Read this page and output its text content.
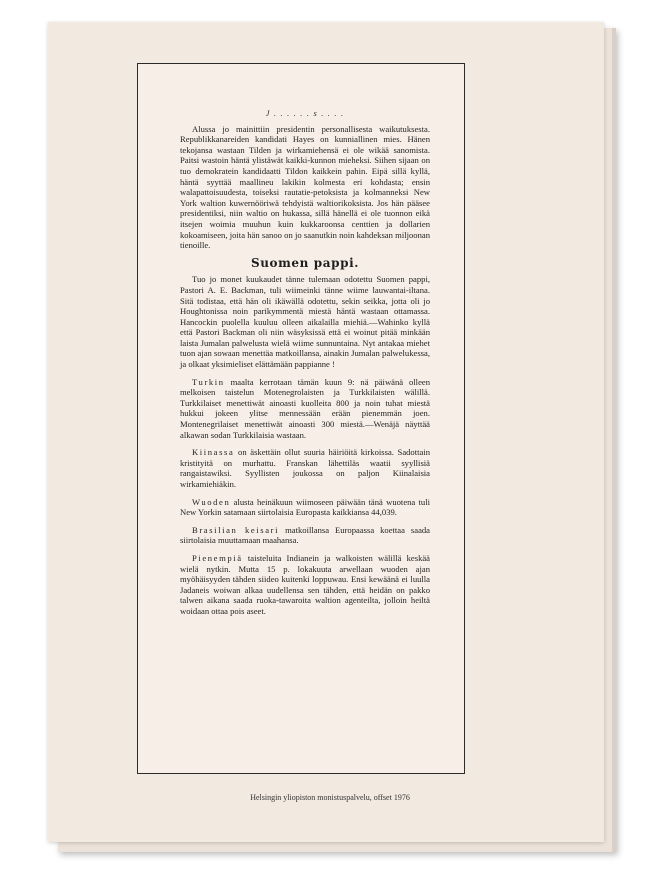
J . . . . . . s . . . .

Alussa jo mainittiin presidentin personallisesta waikutuksesta. Republikkanareiden kandidati Hayes on kunniallinen mies. Hänen tekojansa wastaan Tilden ja wirkamiehensä ei ole wikää sanomista. Paitsi wastoin häntä ylistäwät kaikki-kunnon mieheksi. Siihen sijaan on tuo demokratein kandidaatti Tildon kaikkein pahin. Eipä sillä kyllä, häntä syyttää maallineu lakikin kolmesta eri kohdasta; ensin walapattoisuudesta, toiseksi rautatie-petoksista ja kolmanneksi New York waltion kuwernööriwä tehdyistä waltiorikoksista. Jos hän pääsee presidentiksi, niin waltio on hukassa, sillä hänellä ei ole tuonnon eikä itsejen woimia muuhun kuin kukkaroonsa centtien ja dollarien kokoamiseen, joita hän sanoo on jo saanutkin noin kahdeksan miljoonan tienoille.

Suomen pappi.

Tuo jo monet kuukaudet tänne tulemaan odotettu Suomen pappi, Pastori A. E. Backman, tuli wiimeinki tänne wiime lauwantai-iltana. Sitä todistaa, että hän oli ikäwällä odotettu, sekin seikka, jotta oli jo Houghtonissa noin parikymmentä miestä häntä wastaan ottamassa. Hancockin puolella kuuluu olleen aikalailla miehiä.—Wahinko kyllä että Pastori Backman oli niin wäsyksissä että ei woinut pitää minkään laista Jumalan palwelusta wielä wiime sunnuntaina. Nyt antakaa miehet tuon ajan sowaan menettäa matkoillansa, ainakin Jumalan palwelukessa, ja olkaat yksimieliset elättämään pappianne !

Turkin maalta kerrotaan tämän kuun 9: nä päiwänä olleen melkoisen taistelun Motenegrolaisten ja Turkkilaisten wälillä. Turkkilaiset menettiwät ainoasti kuolleita 800 ja noin tuhat miestä hukkui jokeen ylitse mennessään erään pienemmän joen. Montenegrilaiset menettiwät ainoasti 300 miestä.—Wenäjä näyttää alkawan sodan Turkkilaisia wastaan.

Kiinassa on äskettäin ollut suuria häiriöitä kirkoissa. Sadottain kristityitä on murhattu. Franskan lähettiläs waatii syyllisiä rangaistawiksi. Syyllisten joukossa on paljon Kiinalaisia wirkamiehiäkin.

Wuoden alusta heinäkuun wiimoseen päiwään tänä wuotena tuli New Yorkin satamaan siirtolaisia Europasta kaikkiansa 44,039.

Brasilian keisari matkoillansa Europaassa koettaa saada siirtolaisia muuttamaan maahansa.

Pienempiä taisteluita Indianein ja walkoisten wälillä keskää wielä nytkin. Mutta 15 p. lokakuuta arwellaan wuoden ajan myöhäisyyden tähden siideo kuitenki loppuwau. Ensi kewäänä ei luulla Jadaneis woiwan alkaa uudellensa sen tähden, että heidän on pakko talwen aikana saada ruoka-tawaroita waltion agenteilta, jolloin heiltä woidaan ottaa pois aseet.

Helsingin yliopiston monistuspalvelu, offset 1976
